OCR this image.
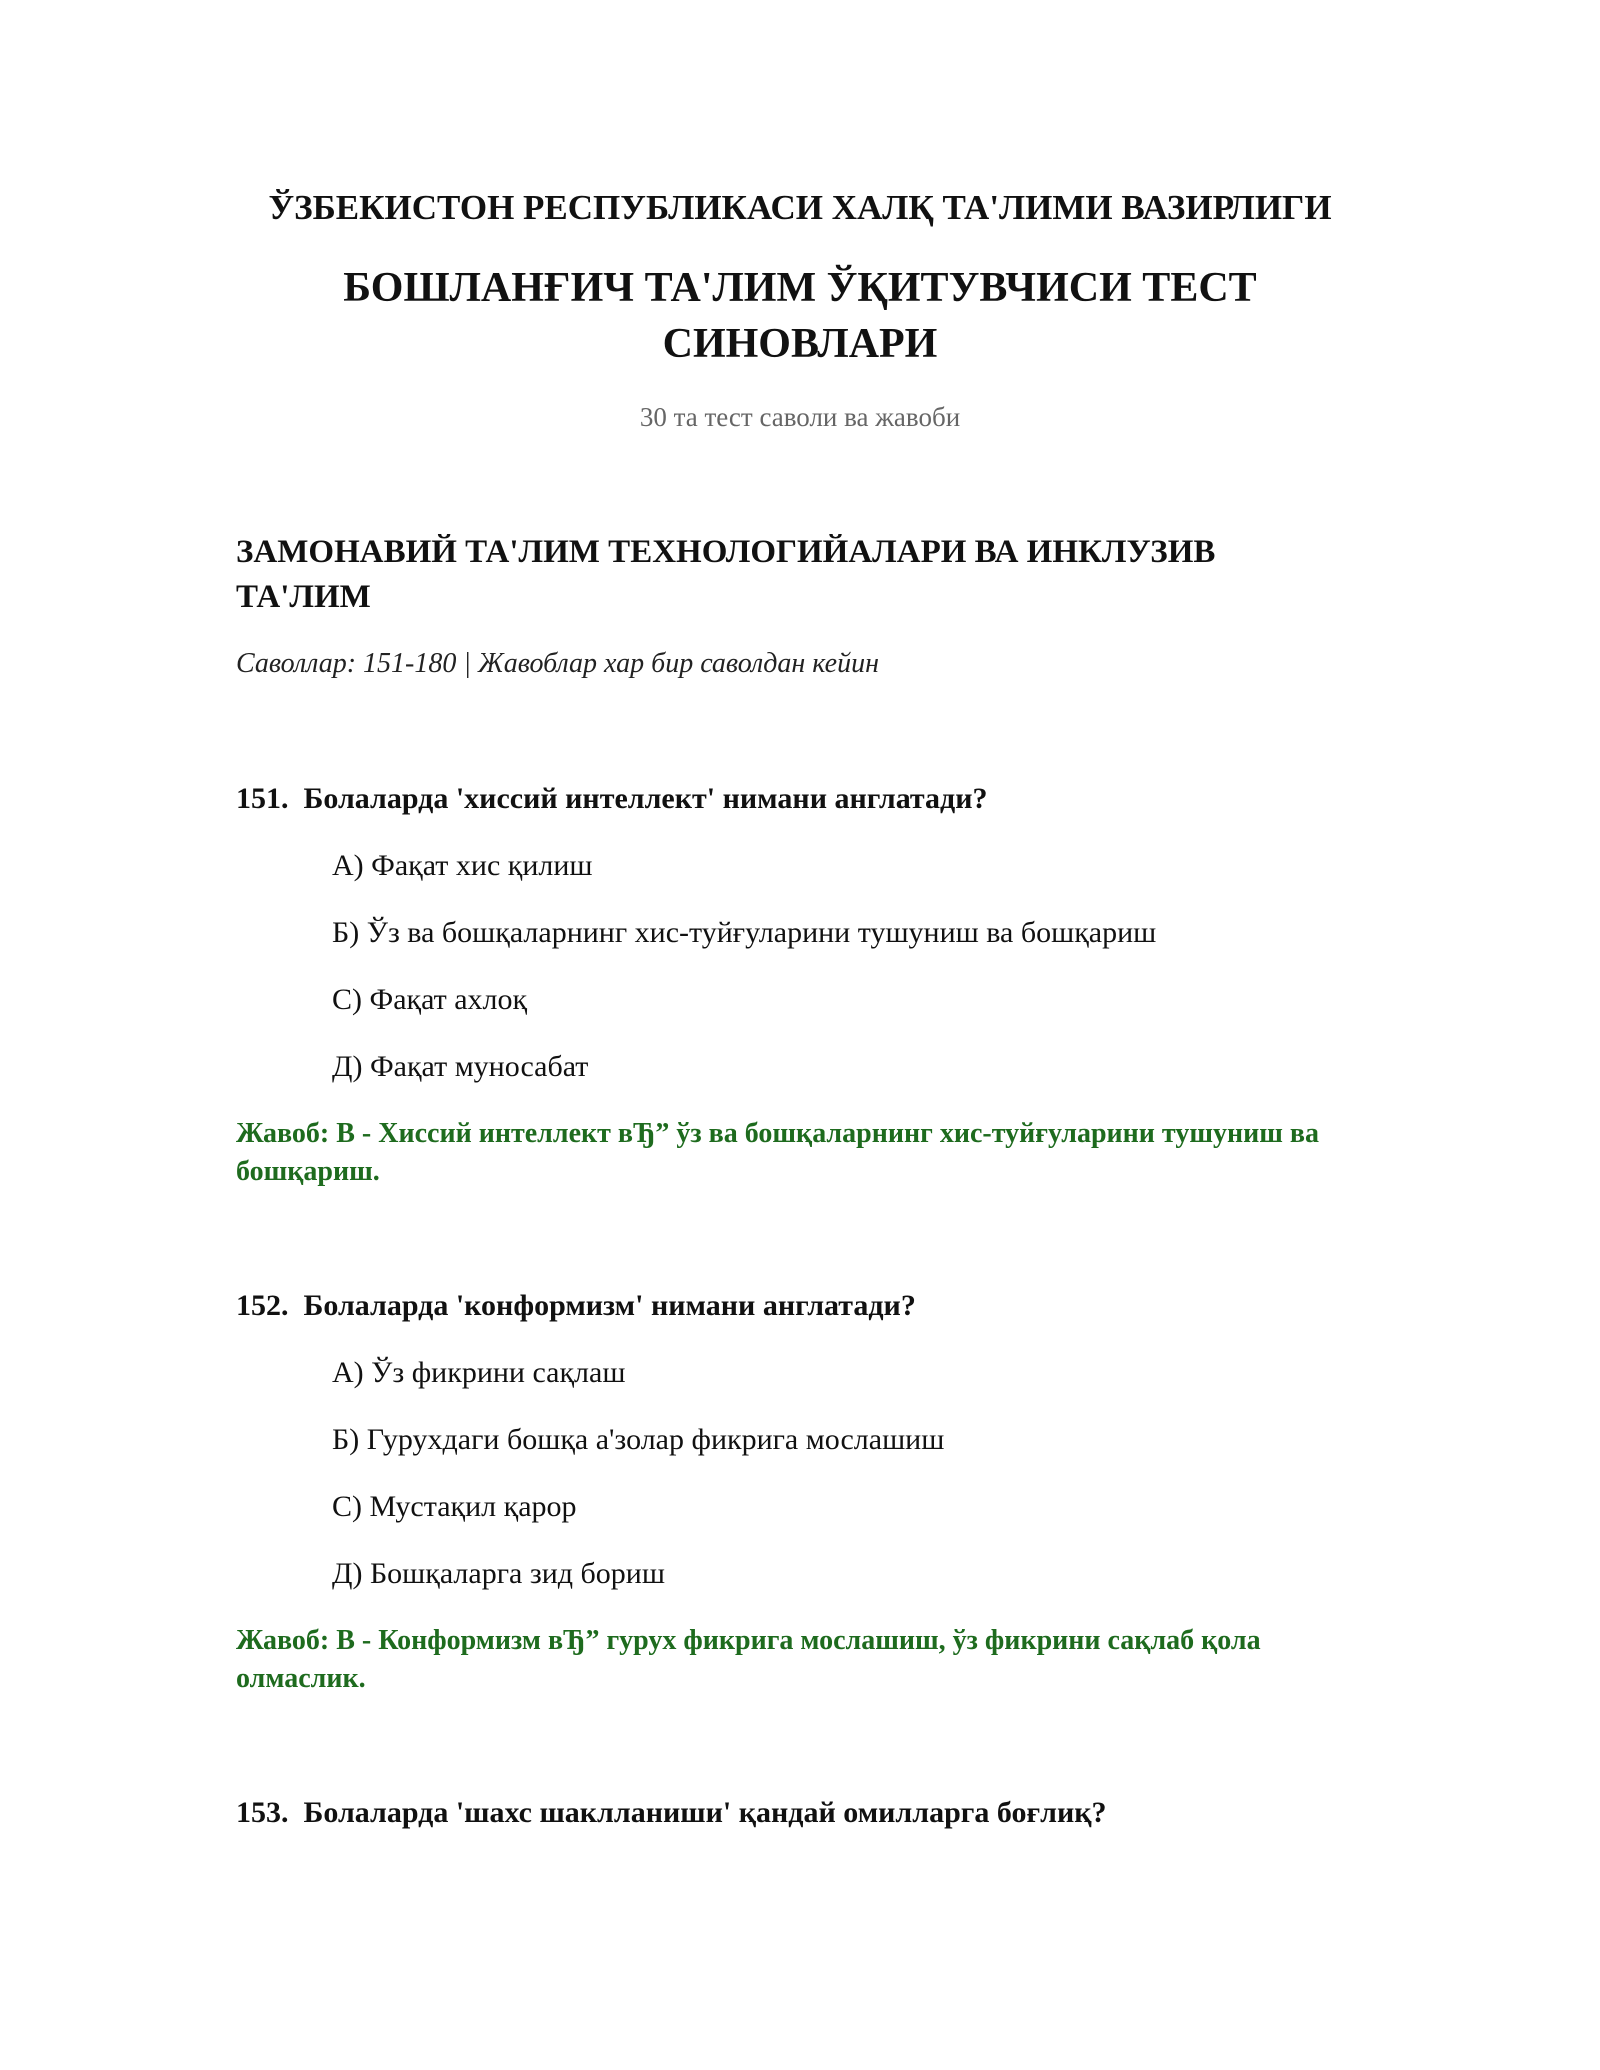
ЎЗБЕКИСТОН РЕСПУБЛИКАСИ ХАЛҚ ТА'ЛИМИ ВАЗИРЛИГИ
БОШЛАНҒИЧ ТА'ЛИМ ЎҚИТУВЧИСИ ТЕСТ СИНОВЛАРИ
30 та тест саволи ва жавоби
ЗАМОНАВИЙ ТА'ЛИМ ТЕХНОЛОГИЙАЛАРИ ВА ИНКЛУЗИВ ТА'ЛИМ
Саволлар: 151-180 | Жавоблар хар бир саволдан кейин
151.  Болаларда 'хиссий интеллект' нимани англатади?
А) Фақат хис қилиш
Б) Ўз ва бошқаларнинг хис-туйғуларини тушуниш ва бошқариш
С) Фақат ахлоқ
Д) Фақат муносабат
Жавоб: В - Хиссий интеллект вЂ” ўз ва бошқаларнинг хис-туйғуларини тушуниш ва бошқариш.
152.  Болаларда 'конформизм' нимани англатади?
А) Ўз фикрини сақлаш
Б) Гурухдаги бошқа а'золар фикрига мослашиш
С) Мустақил қарор
Д) Бошқаларга зид бориш
Жавоб: В - Конформизм вЂ” гурух фикрига мослашиш, ўз фикрини сақлаб қола олмаслик.
153.  Болаларда 'шахс шаклланиши' қандай омилларга боғлиқ?
